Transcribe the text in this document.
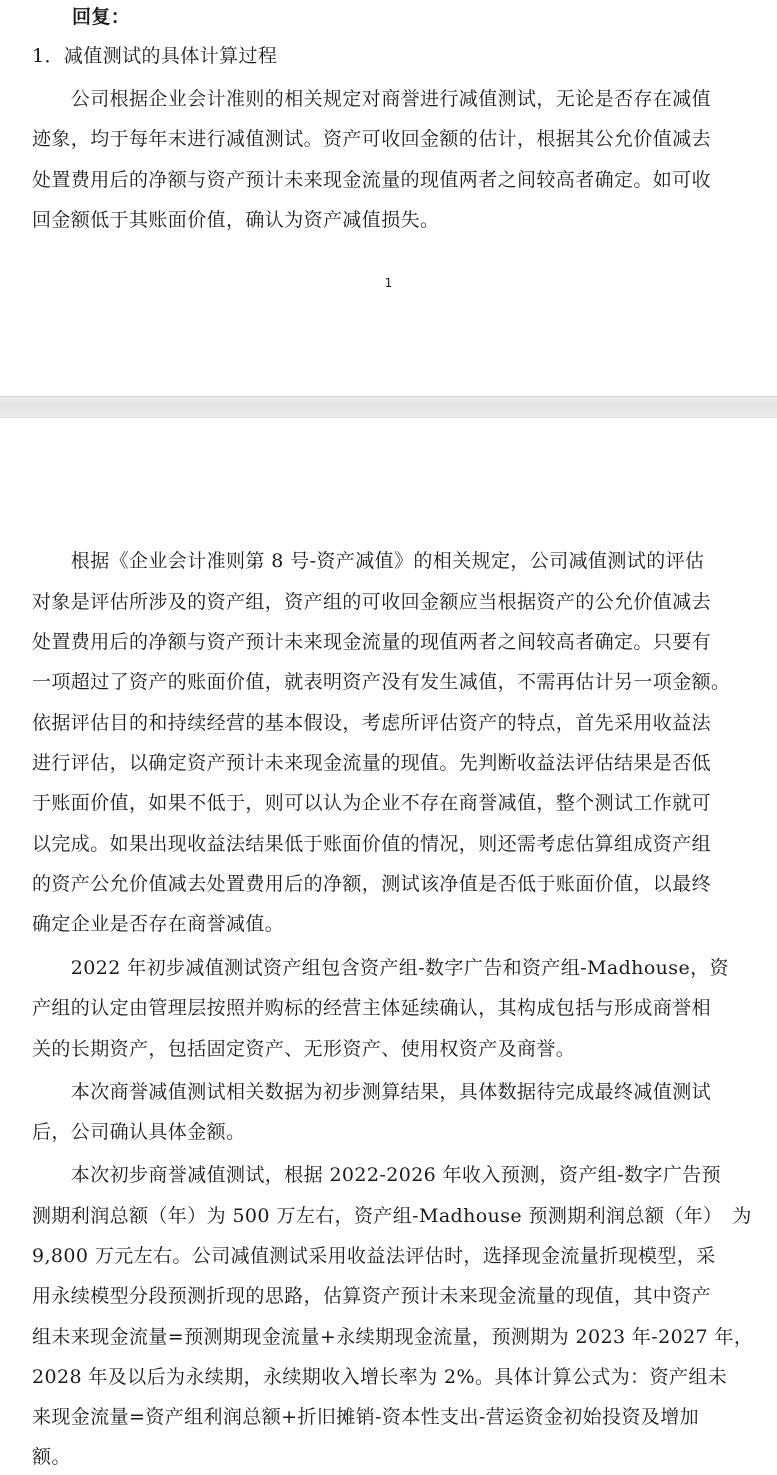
回复：
1．减值测试的具体计算过程
　　公司根据企业会计准则的相关规定对商誉进行减值测试，无论是否存在减值
迹象，均于每年末进行减值测试。资产可收回金额的估计，根据其公允价值减去
处置费用后的净额与资产预计未来现金流量的现值两者之间较高者确定。如可收
回金额低于其账面价值，确认为资产减值损失。
1
　　根据《企业会计准则第 8 号-资产减值》的相关规定，公司减值测试的评估
对象是评估所涉及的资产组，资产组的可收回金额应当根据资产的公允价值减去
处置费用后的净额与资产预计未来现金流量的现值两者之间较高者确定。只要有
一项超过了资产的账面价值，就表明资产没有发生减值，不需再估计另一项金额。
依据评估目的和持续经营的基本假设，考虑所评估资产的特点，首先采用收益法
进行评估，以确定资产预计未来现金流量的现值。先判断收益法评估结果是否低
于账面价值，如果不低于，则可以认为企业不存在商誉减值，整个测试工作就可
以完成。如果出现收益法结果低于账面价值的情况，则还需考虑估算组成资产组
的资产公允价值减去处置费用后的净额，测试该净值是否低于账面价值，以最终
确定企业是否存在商誉减值。
　　2022 年初步减值测试资产组包含资产组-数字广告和资产组-Madhouse，资
产组的认定由管理层按照并购标的经营主体延续确认，其构成包括与形成商誉相
关的长期资产，包括固定资产、无形资产、使用权资产及商誉。
　　本次商誉减值测试相关数据为初步测算结果，具体数据待完成最终减值测试
后，公司确认具体金额。
　　本次初步商誉减值测试，根据 2022-2026 年收入预测，资产组-数字广告预
测期利润总额（年）为 500 万左右，资产组-Madhouse 预测期利润总额（年）　为
9,800 万元左右。公司减值测试采用收益法评估时，选择现金流量折现模型，采
用永续模型分段预测折现的思路，估算资产预计未来现金流量的现值，其中资产
组未来现金流量=预测期现金流量+永续期现金流量，预测期为 2023 年-2027 年，
2028 年及以后为永续期，永续期收入增长率为 2%。具体计算公式为：资产组未
来现金流量=资产组利润总额+折旧摊销-资本性支出-营运资金初始投资及增加
额。
